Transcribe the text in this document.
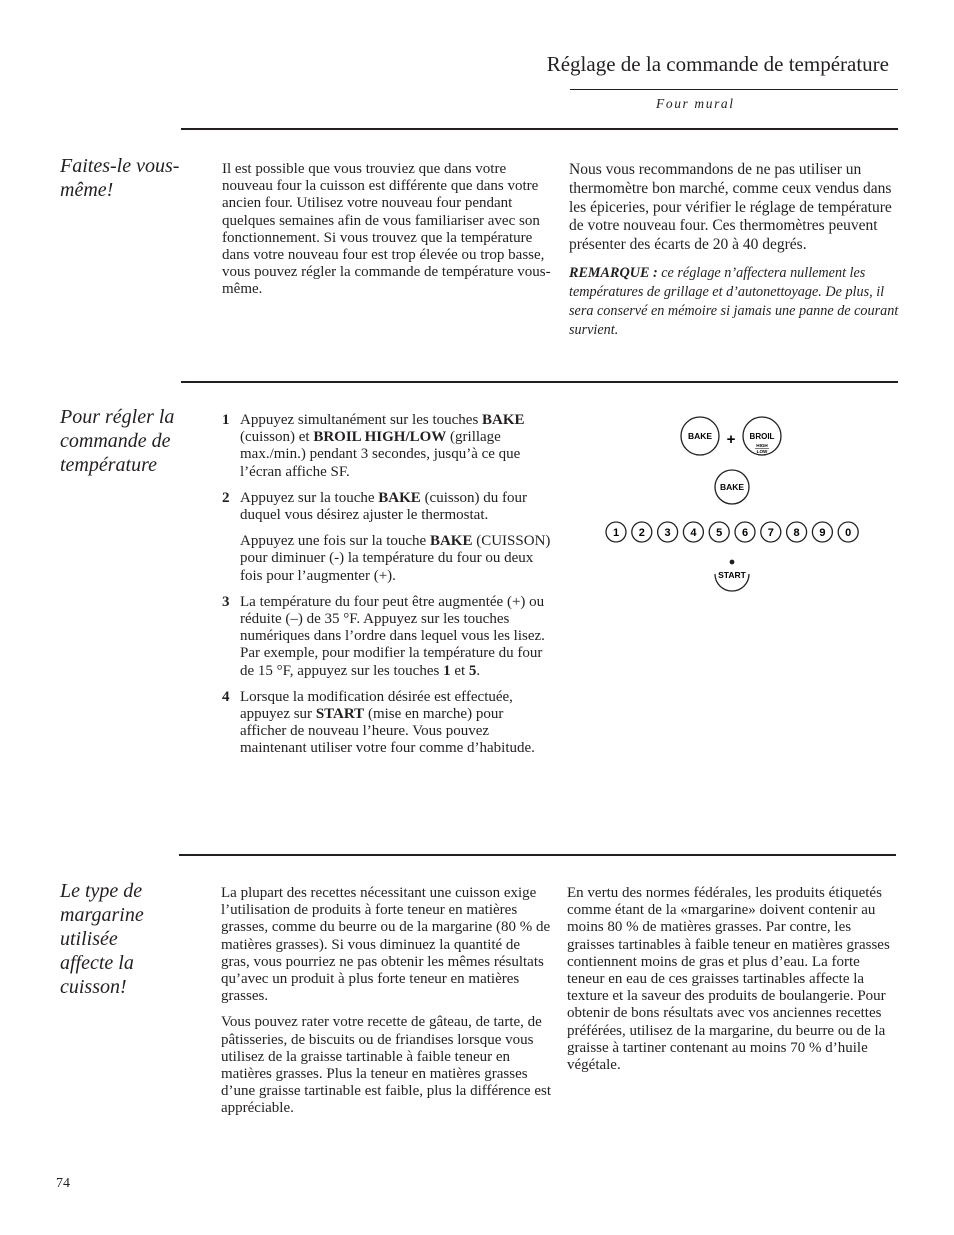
Réglage de la commande de température
Four mural
Faites-le vous-même!

Il est possible que vous trouviez que dans votre nouveau four la cuisson est différente que dans votre ancien four. Utilisez votre nouveau four pendant quelques semaines afin de vous familiariser avec son fonctionnement. Si vous trouvez que la température dans votre nouveau four est trop élevée ou trop basse, vous pouvez régler la commande de température vous-même.

Nous vous recommandons de ne pas utiliser un thermomètre bon marché, comme ceux vendus dans les épiceries, pour vérifier le réglage de température de votre nouveau four. Ces thermomètres peuvent présenter des écarts de 20 à 40 degrés.

REMARQUE : ce réglage n’affectera nullement les températures de grillage et d’autonettoyage. De plus, il sera conservé en mémoire si jamais une panne de courant survient.

Pour régler la commande de température
1 Appuyez simultanément sur les touches BAKE (cuisson) et BROIL HIGH/LOW (grillage max./min.) pendant 3 secondes, jusqu’à ce que l’écran affiche SF.

2 Appuyez sur la touche BAKE (cuisson) du four duquel vous désirez ajuster le thermostat.

Appuyez une fois sur la touche BAKE (CUISSON) pour diminuer (-) la température du four ou deux fois pour l’augmenter (+).

3 La température du four peut être augmentée (+) ou réduite (–) de 35 °F. Appuyez sur les touches numériques dans l’ordre dans lequel vous les lisez. Par exemple, pour modifier la température du four de 15 °F, appuyez sur les touches 1 et 5.

4 Lorsque la modification désirée est effectuée, appuyez sur START (mise en marche) pour afficher de nouveau l’heure. Vous pouvez maintenant utiliser votre four comme d’habitude.

BAKE + BROIL
HIGH
LOW
BAKE
1 2 3 4 5 6 7 8 9 0
START
Le type de margarine utilisée affecte la cuisson!

La plupart des recettes nécessitant une cuisson exige l’utilisation de produits à forte teneur en matières grasses, comme du beurre ou de la margarine (80 % de matières grasses). Si vous diminuez la quantité de gras, vous pourriez ne pas obtenir les mêmes résultats qu’avec un produit à plus forte teneur en matières grasses.

Vous pouvez rater votre recette de gâteau, de tarte, de pâtisseries, de biscuits ou de friandises lorsque vous utilisez de la graisse tartinable à faible teneur en matières grasses. Plus la teneur en matières grasses d’une graisse tartinable est faible, plus la différence est appréciable.

En vertu des normes fédérales, les produits étiquetés comme étant de la «margarine» doivent contenir au moins 80 % de matières grasses. Par contre, les graisses tartinables à faible teneur en matières grasses contiennent moins de gras et plus d’eau. La forte teneur en eau de ces graisses tartinables affecte la texture et la saveur des produits de boulangerie. Pour obtenir de bons résultats avec vos anciennes recettes préférées, utilisez de la margarine, du beurre ou de la graisse à tartiner contenant au moins 70 % d’huile végétale.

74
